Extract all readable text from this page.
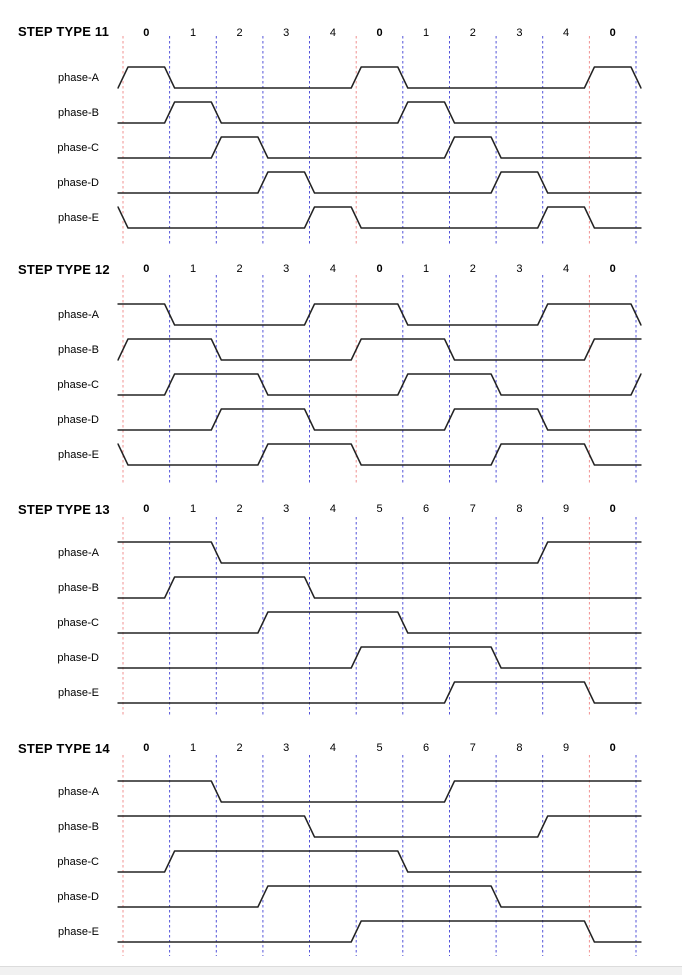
0	1	2	3	4	0	1	2	3	4	0
phase-A
phase-B
phase-C
phase-D
phase-E
0	1	2	3	4	0	1	2	3	4	0
phase-A
phase-B
phase-C
phase-D
phase-E
0	1	2	3	4	5	6	7	8	9	0
phase-A
phase-B
phase-C
phase-D
phase-E
0	1	2	3	4	5	6	7	8	9	0
phase-A
phase-B
phase-C
phase-D
phase-E
STEP TYPE 11
STEP TYPE 12
STEP TYPE 13
STEP TYPE 14
